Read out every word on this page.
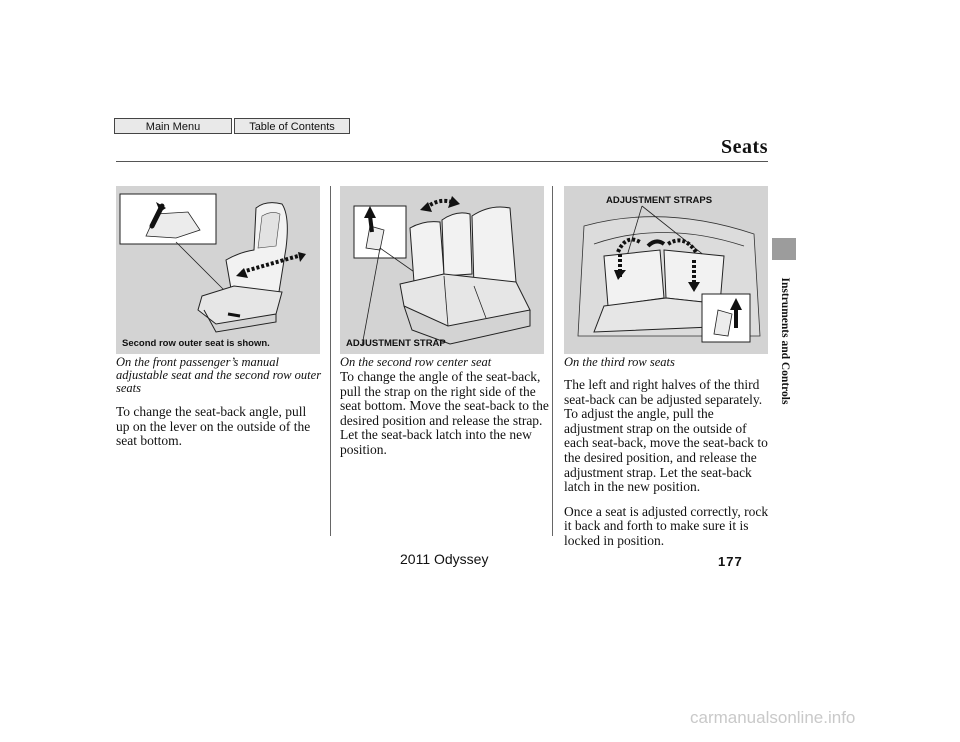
Main Menu	Table of Contents
Seats
Second row outer seat is shown.	ADJUSTMENT STRAP
ADJUSTMENT STRAPS
On the front passenger’s manual adjustable seat and the second row outer seats

To change the seat-back angle, pull up on the lever on the outside of the seat bottom.

On the second row center seat

To change the angle of the seat-back, pull the strap on the right side of the seat bottom. Move the seat-back to the desired position and release the strap. Let the seat-back latch into the new position.

On the third row seats

The left and right halves of the third seat-back can be adjusted separately. To adjust the angle, pull the adjustment strap on the outside of each seat-back, move the seat-back to the desired position, and release the adjustment strap. Let the seat-back latch in the new position.

Once a seat is adjusted correctly, rock it back and forth to make sure it is locked in position.

Instruments and Controls
177
2011 Odyssey
carmanualsonline.info
